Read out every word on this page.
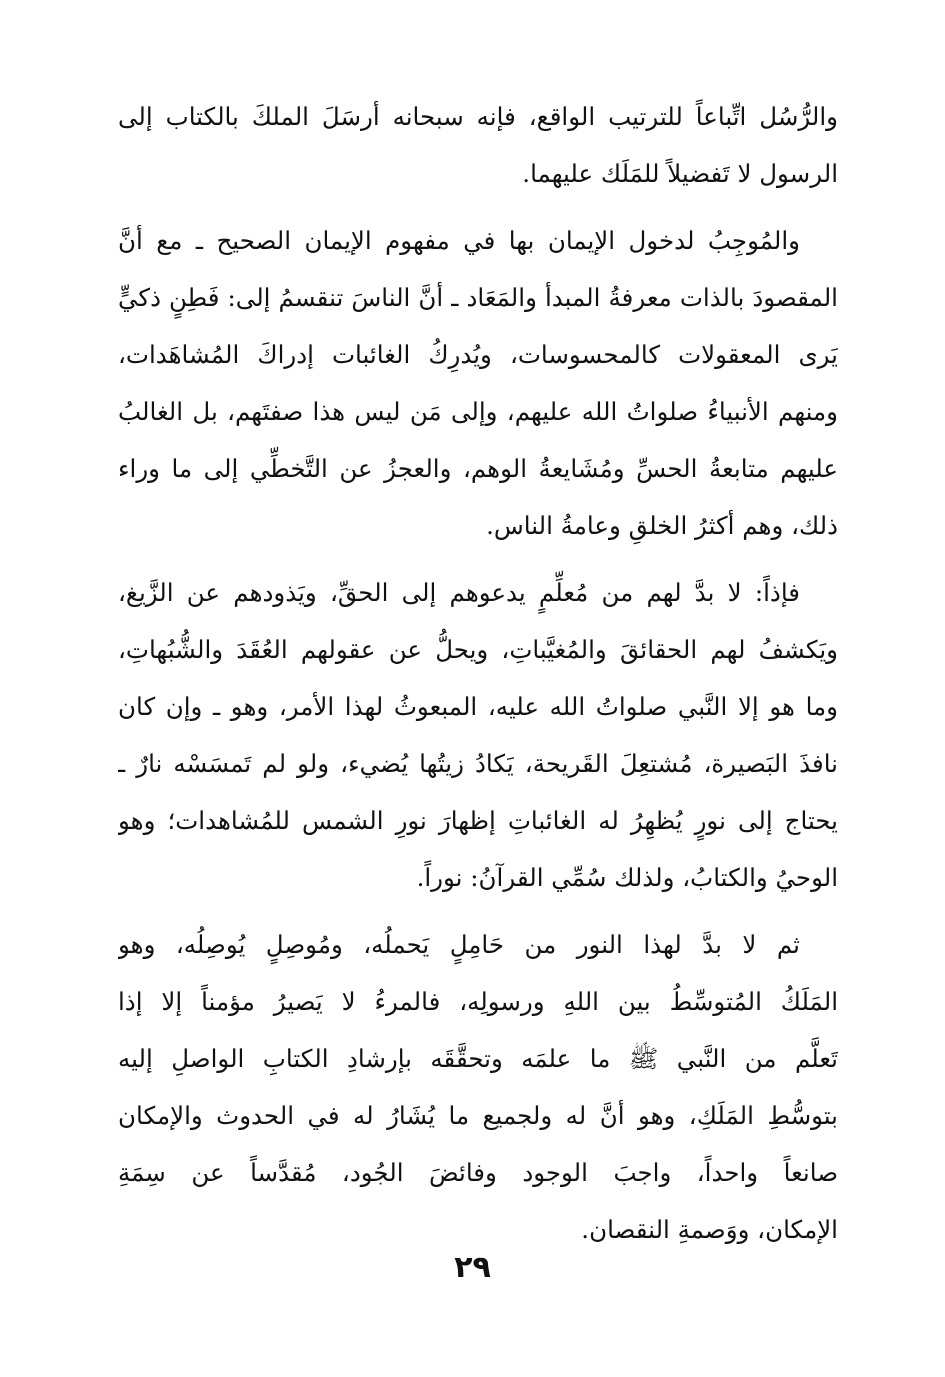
والرُّسُل اتِّباعاً للترتيب الواقع، فإنه سبحانه أرسَلَ الملكَ بالكتاب إلى
الرسول لا تَفضيلاً للمَلَك عليهما.

والمُوجِبُ لدخول الإيمان بها في مفهوم الإيمان الصحيح ـ مع أنَّ
المقصودَ بالذات معرفةُ المبدأ والمَعَاد ـ أنَّ الناسَ تنقسمُ إلى: فَطِنٍ ذكيٍّ
يَرى المعقولات كالمحسوسات، ويُدرِكُ الغائبات إدراكَ المُشاهَدات،
ومنهم الأنبياءُ صلواتُ الله عليهم، وإلى مَن ليس هذا صفتَهم، بل الغالبُ
عليهم متابعةُ الحسِّ ومُشَايعةُ الوهم، والعجزُ عن التَّخطِّي إلى ما وراء
ذلك، وهم أكثرُ الخلقِ وعامةُ الناس.

فإذاً: لا بدَّ لهم من مُعلِّمٍ يدعوهم إلى الحقِّ، ويَذودهم عن الزَّيغ،
ويَكشفُ لهم الحقائقَ والمُغيَّباتِ، ويحلُّ عن عقولهم العُقَدَ والشُّبُهاتِ،
وما هو إلا النَّبي صلواتُ الله عليه، المبعوثُ لهذا الأمر، وهو ـ وإن كان
نافذَ البَصيرة، مُشتعِلَ القَريحة، يَكادُ زيتُها يُضيء، ولو لم تَمسَسْه نارٌ ـ
يحتاج إلى نورٍ يُظهِرُ له الغائباتِ إظهارَ نورِ الشمس للمُشاهدات؛ وهو
الوحيُ والكتابُ، ولذلك سُمِّي القرآنُ: نوراً.

ثم لا بدَّ لهذا النور من حَامِلٍ يَحملُه، ومُوصِلٍ يُوصِلُه، وهو
المَلَكُ المُتوسِّطُ بين اللهِ ورسولِه، فالمرءُ لا يَصيرُ مؤمناً إلا إذا
تَعلَّم من النَّبي ﷺ ما علمَه وتحقَّقَه بإرشادِ الكتابِ الواصلِ إليه
بتوسُّطِ المَلَكِ، وهو أنَّ له ولجميع ما يُشَارُ له في الحدوث والإمكان
صانعاً واحداً، واجبَ الوجود وفائضَ الجُود، مُقدَّساً عن سِمَةِ
الإمكان، ووَصمةِ النقصان.

٢٩
